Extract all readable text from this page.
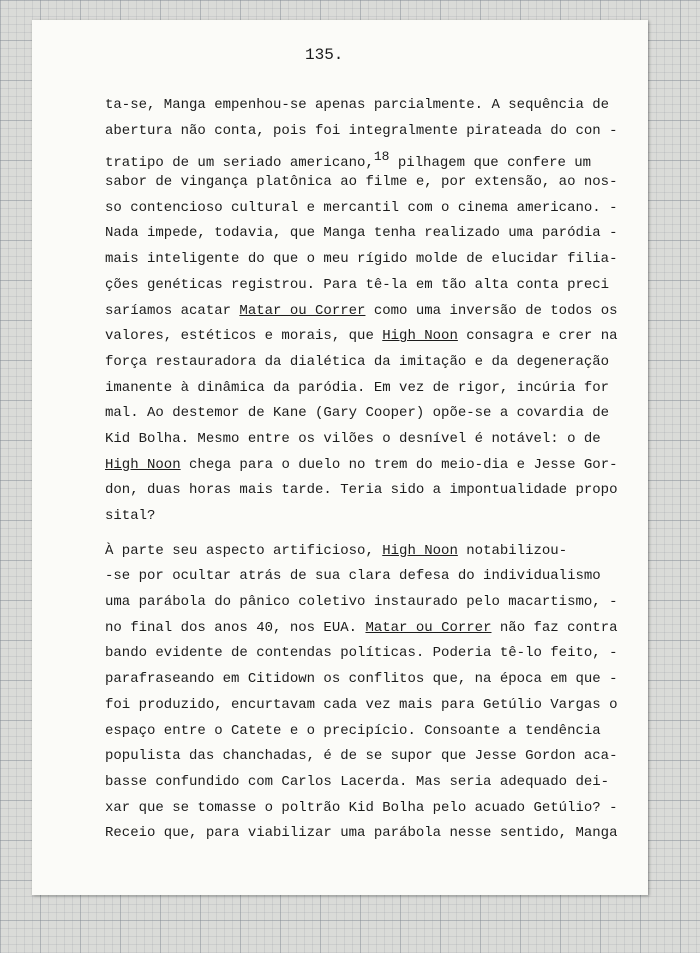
135.
ta-se, Manga empenhou-se apenas parcialmente. A sequência de
abertura não conta, pois foi integralmente pirateada do con -
tratipo de um seriado americano,18 pilhagem que confere um
sabor de vingança platônica ao filme e, por extensão, ao nos-
so contencioso cultural e mercantil com o cinema americano. -
Nada impede, todavia, que Manga tenha realizado uma paródia -
mais inteligente do que o meu rígido molde de elucidar filia-
ções genéticas registrou. Para tê-la em tão alta conta preci
saríamos acatar Matar ou Correr como uma inversão de todos os
valores, estéticos e morais, que High Noon consagra e crer na
força restauradora da dialética da imitação e da degeneração
imanente à dinâmica da paródia. Em vez de rigor, incúria for
mal. Ao destemor de Kane (Gary Cooper) opõe-se a covardia de
Kid Bolha. Mesmo entre os vilões o desnível é notável: o de
High Noon chega para o duelo no trem do meio-dia e Jesse Gor-
don, duas horas mais tarde. Teria sido a impontualidade propo
sital?
À parte seu aspecto artificioso, High Noon notabilizou-
-se por ocultar atrás de sua clara defesa do individualismo
uma parábola do pânico coletivo instaurado pelo macartismo, -
no final dos anos 40, nos EUA. Matar ou Correr não faz contra
bando evidente de contendas políticas. Poderia tê-lo feito, -
parafraseando em Citidown os conflitos que, na época em que -
foi produzido, encurtavam cada vez mais para Getúlio Vargas o
espaço entre o Catete e o precipício. Consoante a tendência
populista das chanchadas, é de se supor que Jesse Gordon aca-
basse confundido com Carlos Lacerda. Mas seria adequado dei-
xar que se tomasse o poltrão Kid Bolha pelo acuado Getúlio? -
Receio que, para viabilizar uma parábola nesse sentido, Manga
